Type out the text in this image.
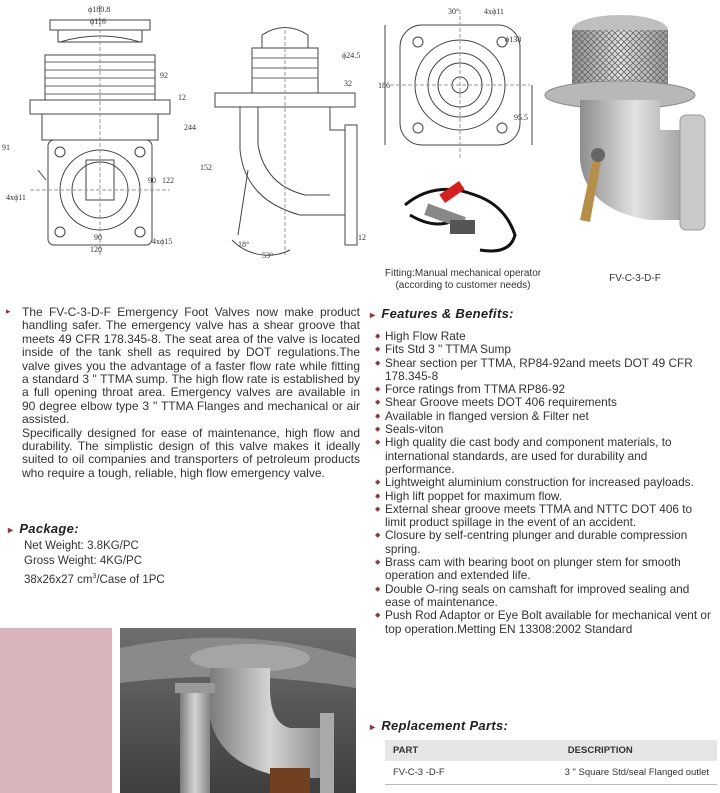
ϕ180.8
ϕ116
92
244
91
90 122
90
120
4xϕ11
4xϕ15
12
32
ϕ24.5
152
18°
53°
12
30°	4xϕ11
ϕ138
186
95.5
Fitting:Manual mechanical operator
(according to customer needs)
FV-C-3-D-F
▸ The FV-C-3-D-F Emergency Foot Valves now make product handling safer. The emergency valve has a shear groove that meets 49 CFR 178.345-8. The seat area of the valve is located inside of the tank shell as required by DOT regulations.The valve gives you the advantage of a faster flow rate while fitting a standard 3 " TTMA sump. The high flow rate is established by a full opening throat area. Emergency valves are available in 90 degree elbow type 3 " TTMA Flanges and mechanical or air assisted.

Specifically designed for ease of maintenance, high flow and durability. The simplistic design of this valve makes it ideally suited to oil companies and transporters of petroleum products who require a tough, reliable, high flow emergency valve.

▸ Package:
Net Weight: 3.8KG/PC
Gross Weight: 4KG/PC
38x26x27 $cm^3$/Case of 1PC
▸ Features & Benefits:
◆ High Flow Rate
◆ Fits Std 3 " TTMA Sump
◆ Shear section per TTMA, RP84-92and meets DOT 49 CFR 178.345-8
◆ Force ratings from TTMA RP86-92
◆ Shear Groove meets DOT 406 requirements
◆ Available in flanged version & Filter net
◆ Seals-viton
◆ High quality die cast body and component materials, to international standards, are used for durability and performance.
◆ Lightweight aluminium construction for increased payloads.
◆ High lift poppet for maximum flow.
◆ External shear groove meets TTMA and NTTC DOT 406 to limit product spillage in the event of an accident.
◆ Closure by self-centring plunger and durable compression spring.
◆ Brass cam with bearing boot on plunger stem for smooth operation and extended life.
◆ Double O-ring seals on camshaft for improved sealing and ease of maintenance.
◆ Push Rod Adaptor or Eye Bolt available for mechanical vent or top operation.Metting EN 13308:2002 Standard
▸ Replacement Parts:
PART	DESCRIPTION
FV-C-3 -D-F	3 " Square Std/seal Flanged outlet
